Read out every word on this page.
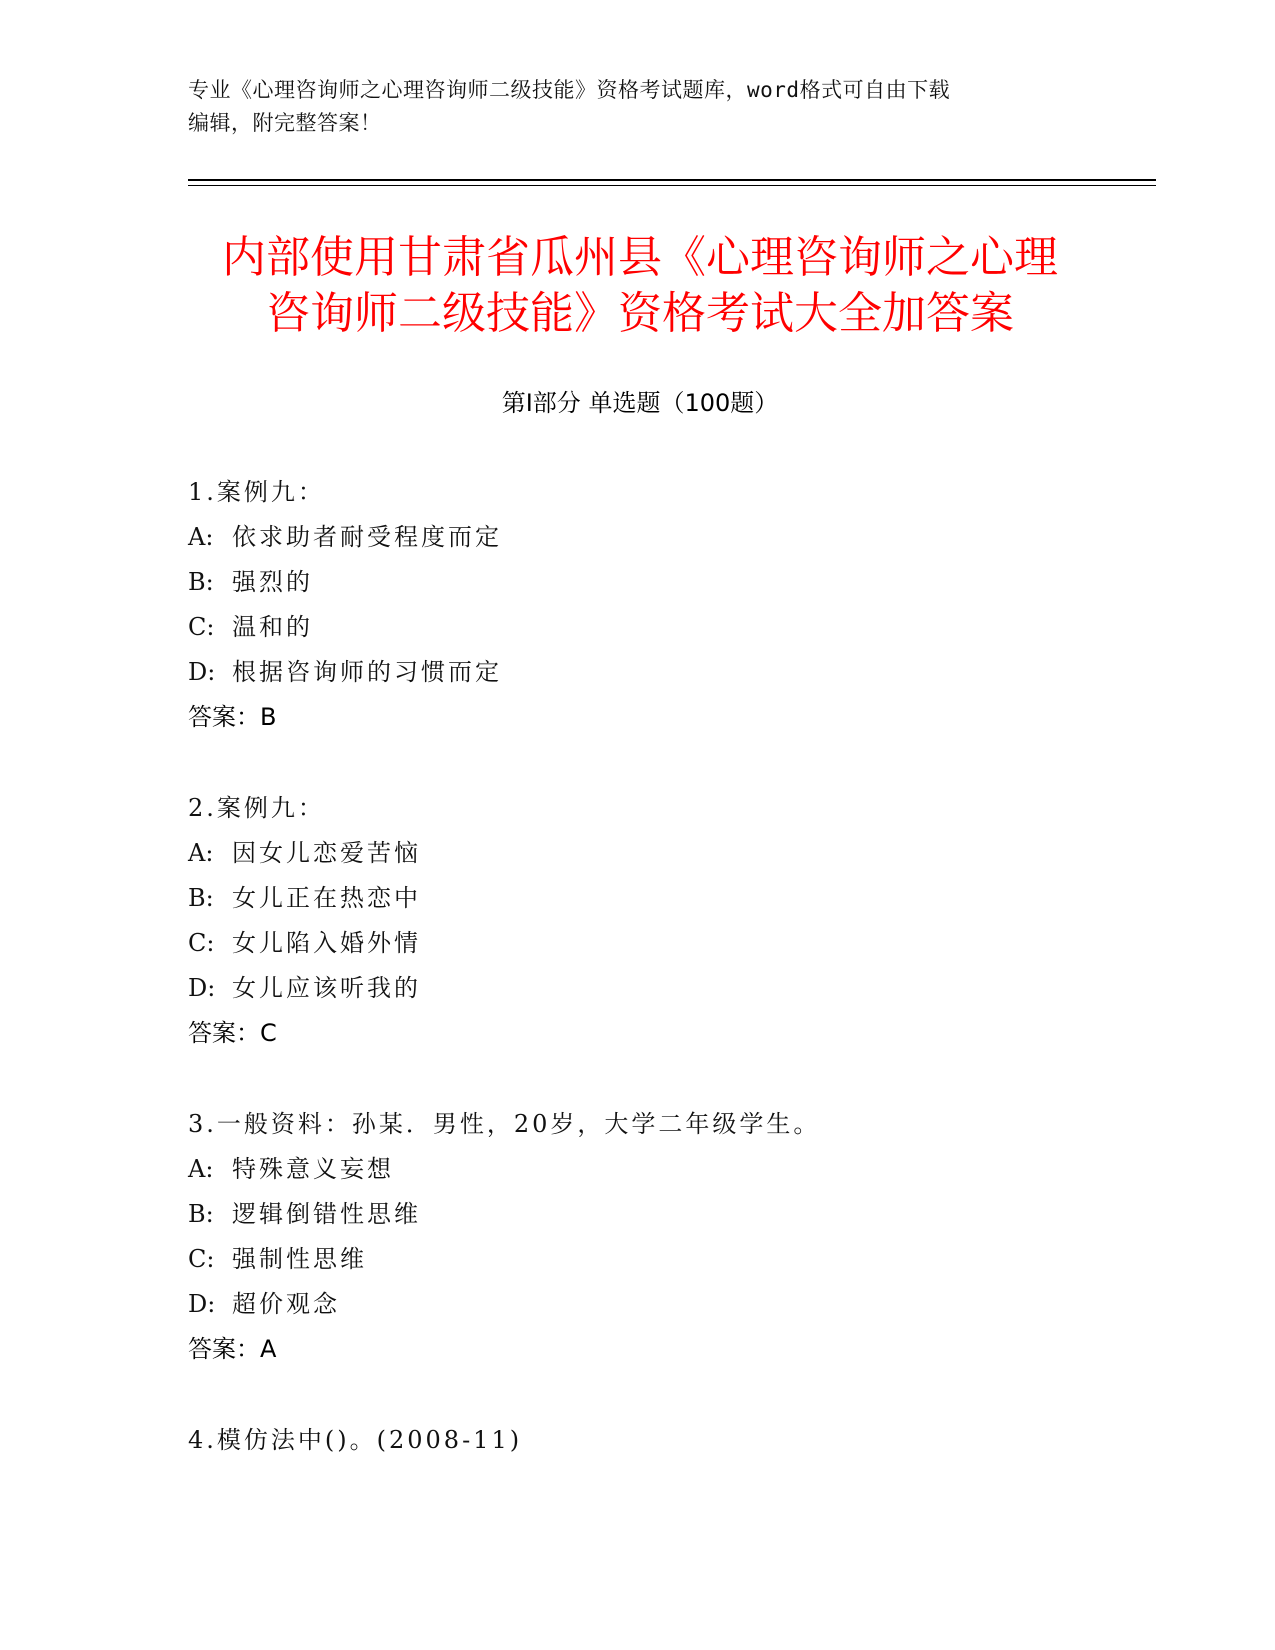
专业《心理咨询师之心理咨询师二级技能》资格考试题库，word格式可自由下载
编辑，附完整答案！
内部使用甘肃省瓜州县《心理咨询师之心理
咨询师二级技能》资格考试大全加答案
第Ⅰ部分 单选题（100题）
1.案例九：
A: 依求助者耐受程度而定
B: 强烈的
C: 温和的
D: 根据咨询师的习惯而定
答案：B
2.案例九：
A: 因女儿恋爱苦恼
B: 女儿正在热恋中
C: 女儿陷入婚外情
D: 女儿应该听我的
答案：C
3.一般资料：孙某．男性，20岁，大学二年级学生。
A: 特殊意义妄想
B: 逻辑倒错性思维
C: 强制性思维
D: 超价观念
答案：A
4.模仿法中()。(2008-11)
